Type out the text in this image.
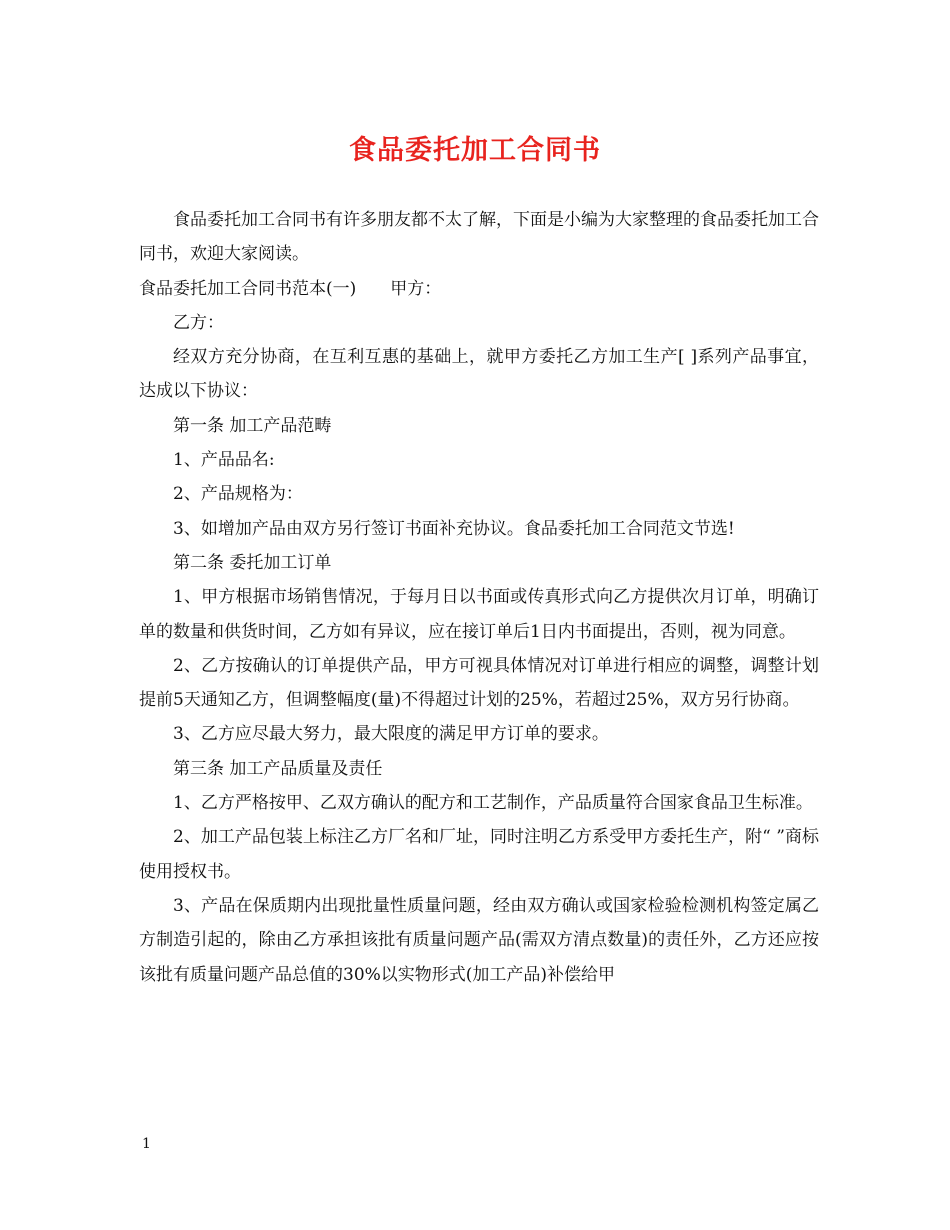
食品委托加工合同书

食品委托加工合同书有许多朋友都不太了解，下面是小编为大家整理的食品委托加工合同书，欢迎大家阅读。

食品委托加工合同书范本(一)　　甲方：

乙方：

经双方充分协商，在互利互惠的基础上，就甲方委托乙方加工生产[ ]系列产品事宜，达成以下协议：

第一条 加工产品范畴

1、产品品名:

2、产品规格为：

3、如增加产品由双方另行签订书面补充协议。食品委托加工合同范文节选!

第二条 委托加工订单

1、甲方根据市场销售情况，于每月日以书面或传真形式向乙方提供次月订单，明确订单的数量和供货时间，乙方如有异议，应在接订单后1日内书面提出，否则，视为同意。

2、乙方按确认的订单提供产品，甲方可视具体情况对订单进行相应的调整，调整计划提前5天通知乙方，但调整幅度(量)不得超过计划的25%，若超过25%，双方另行协商。

3、乙方应尽最大努力，最大限度的满足甲方订单的要求。

第三条 加工产品质量及责任

1、乙方严格按甲、乙双方确认的配方和工艺制作，产品质量符合国家食品卫生标准。

2、加工产品包装上标注乙方厂名和厂址，同时注明乙方系受甲方委托生产，附“ ”商标使用授权书。

3、产品在保质期内出现批量性质量问题，经由双方确认或国家检验检测机构签定属乙方制造引起的，除由乙方承担该批有质量问题产品(需双方清点数量)的责任外，乙方还应按该批有质量问题产品总值的30%以实物形式(加工产品)补偿给甲

1
